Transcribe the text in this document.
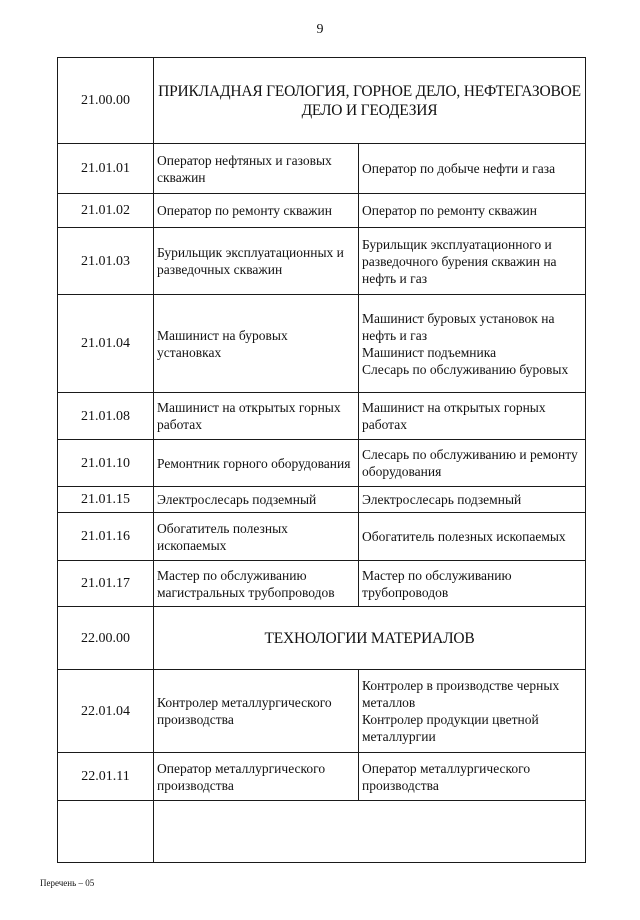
9
21.00.00	ПРИКЛАДНАЯ ГЕОЛОГИЯ, ГОРНОЕ ДЕЛО, НЕФТЕГАЗОВОЕ ДЕЛО И ГЕОДЕЗИЯ	
21.01.01	Оператор нефтяных и газовых скважин	Оператор по добыче нефти и газа

21.01.02	Оператор по ремонту скважин	Оператор по ремонту скважин

21.01.03	Бурильщик эксплуатационных и разведочных скважин	Бурильщик эксплуатационного и разведочного бурения скважин на нефть и газ

21.01.04	Машинист на буровых установках	Машинист буровых установок на нефть и газ
Машинист подъемника
Слесарь по обслуживанию буровых

21.01.08	Машинист на открытых горных работах	Машинист на открытых горных работах

21.01.10	Ремонтник горного оборудования	Слесарь по обслуживанию и ремонту оборудования

21.01.15	Электрослесарь подземный	Электрослесарь подземный

21.01.16	Обогатитель полезных ископаемых	Обогатитель полезных ископаемых

21.01.17	Мастер по обслуживанию магистральных трубопроводов	Мастер по обслуживанию трубопроводов

22.00.00	ТЕХНОЛОГИИ МАТЕРИАЛОВ	
22.01.04	Контролер металлургического производства	Контролер в производстве черных металлов
Контролер продукции цветной металлургии

22.01.11	Оператор металлургического производства	Оператор металлургического производства

Перечень – 05
